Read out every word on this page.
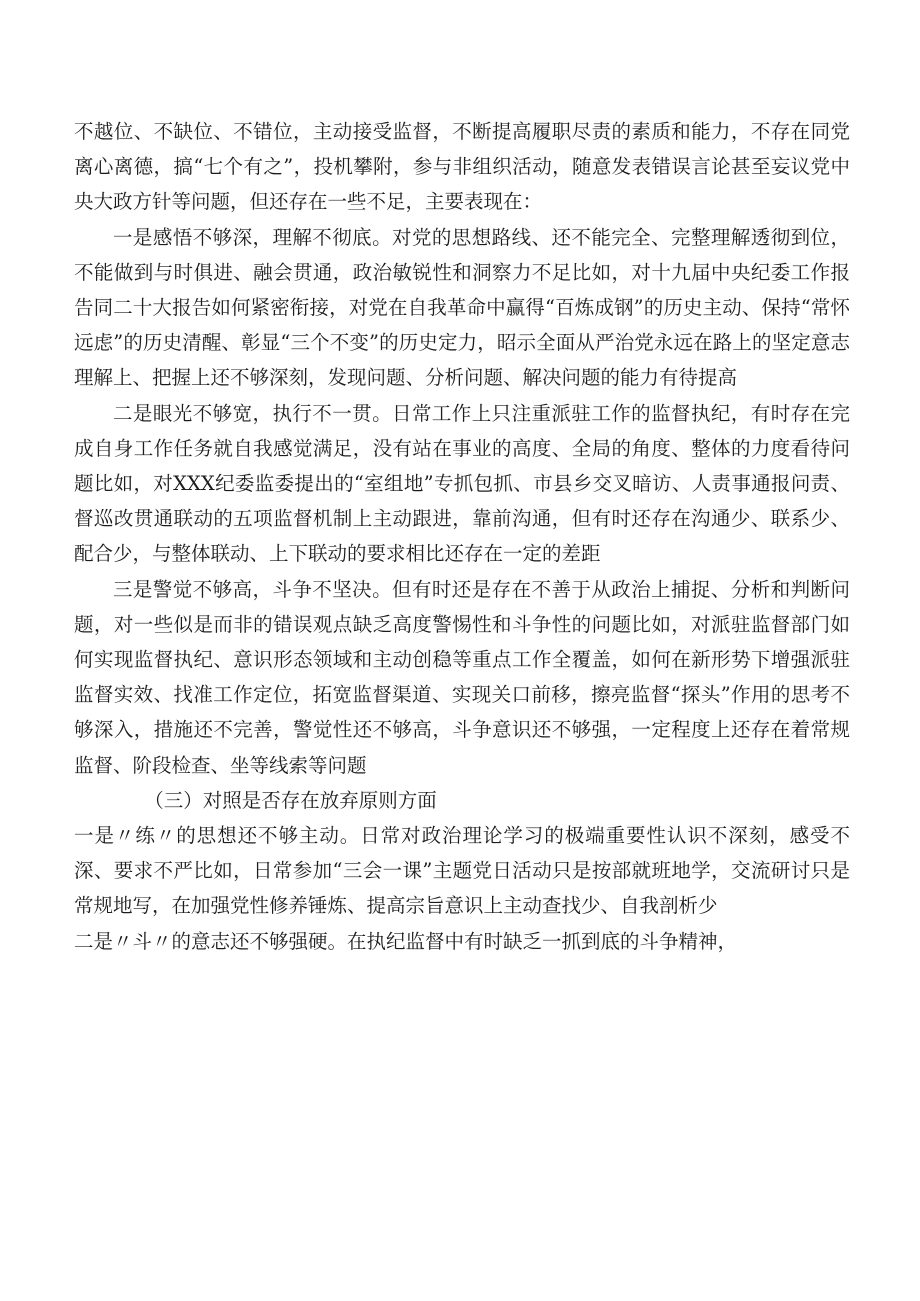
不越位、不缺位、不错位，主动接受监督，不断提高履职尽责的素质和能力，不存在同党离心离德，搞“七个有之”，投机攀附，参与非组织活动，随意发表错误言论甚至妄议党中央大政方针等问题，但还存在一些不足，主要表现在：

一是感悟不够深，理解不彻底。对党的思想路线、还不能完全、完整理解透彻到位，不能做到与时俱进、融会贯通，政治敏锐性和洞察力不足比如，对十九届中央纪委工作报告同二十大报告如何紧密衔接，对党在自我革命中赢得“百炼成钢”的历史主动、保持“常怀远虑”的历史清醒、彰显“三个不变”的历史定力，昭示全面从严治党永远在路上的坚定意志理解上、把握上还不够深刻，发现问题、分析问题、解决问题的能力有待提高

二是眼光不够宽，执行不一贯。日常工作上只注重派驻工作的监督执纪，有时存在完成自身工作任务就自我感觉满足，没有站在事业的高度、全局的角度、整体的力度看待问题比如，对XXX纪委监委提出的“室组地”专抓包抓、市县乡交叉暗访、人责事通报问责、督巡改贯通联动的五项监督机制上主动跟进，靠前沟通，但有时还存在沟通少、联系少、配合少，与整体联动、上下联动的要求相比还存在一定的差距

三是警觉不够高，斗争不坚决。但有时还是存在不善于从政治上捕捉、分析和判断问题，对一些似是而非的错误观点缺乏高度警惕性和斗争性的问题比如，对派驻监督部门如何实现监督执纪、意识形态领域和主动创稳等重点工作全覆盖，如何在新形势下增强派驻监督实效、找准工作定位，拓宽监督渠道、实现关口前移，擦亮监督“探头”作用的思考不够深入，措施还不完善，警觉性还不够高，斗争意识还不够强，一定程度上还存在着常规监督、阶段检查、坐等线索等问题

（三）对照是否存在放弃原则方面

一是〃练〃的思想还不够主动。日常对政治理论学习的极端重要性认识不深刻，感受不深、要求不严比如，日常参加“三会一课”主题党日活动只是按部就班地学，交流研讨只是常规地写，在加强党性修养锤炼、提高宗旨意识上主动查找少、自我剖析少

二是〃斗〃的意志还不够强硬。在执纪监督中有时缺乏一抓到底的斗争精神，
